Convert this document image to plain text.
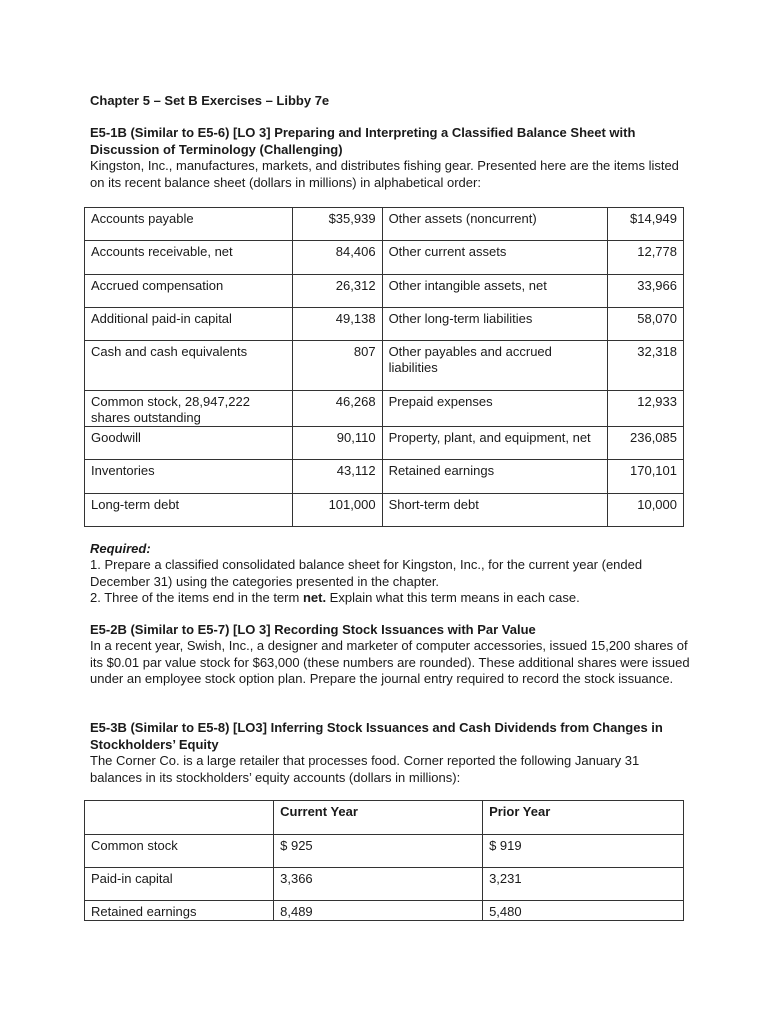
Chapter 5 – Set B Exercises – Libby 7e
E5-1B (Similar to E5-6) [LO 3] Preparing and Interpreting a Classified Balance Sheet with Discussion of Terminology (Challenging)
Kingston, Inc., manufactures, markets, and distributes fishing gear. Presented here are the items listed on its recent balance sheet (dollars in millions) in alphabetical order:
Accounts payable	$35,939	Other assets (noncurrent)	$14,949
Accounts receivable, net	84,406	Other current assets	12,778
Accrued compensation	26,312	Other intangible assets, net	33,966
Additional paid-in capital	49,138	Other long-term liabilities	58,070
Cash and cash equivalents	807	Other payables and accrued liabilities	32,318
Common stock, 28,947,222 shares outstanding	46,268	Prepaid expenses	12,933
Goodwill	90,110	Property, plant, and equipment, net	236,085
Inventories	43,112	Retained earnings	170,101
Long-term debt	101,000	Short-term debt	10,000
Required:
1. Prepare a classified consolidated balance sheet for Kingston, Inc., for the current year (ended December 31) using the categories presented in the chapter.
2. Three of the items end in the term net. Explain what this term means in each case.
E5-2B (Similar to E5-7) [LO 3] Recording Stock Issuances with Par Value
In a recent year, Swish, Inc., a designer and marketer of computer accessories, issued 15,200 shares of its $0.01 par value stock for $63,000 (these numbers are rounded). These additional shares were issued under an employee stock option plan. Prepare the journal entry required to record the stock issuance.
E5-3B (Similar to E5-8) [LO3] Inferring Stock Issuances and Cash Dividends from Changes in Stockholders’ Equity
The Corner Co. is a large retailer that processes food. Corner reported the following January 31 balances in its stockholders’ equity accounts (dollars in millions):
	Current Year	Prior Year
Common stock	$ 925	$ 919
Paid-in capital	3,366	3,231
Retained earnings	8,489	5,480
